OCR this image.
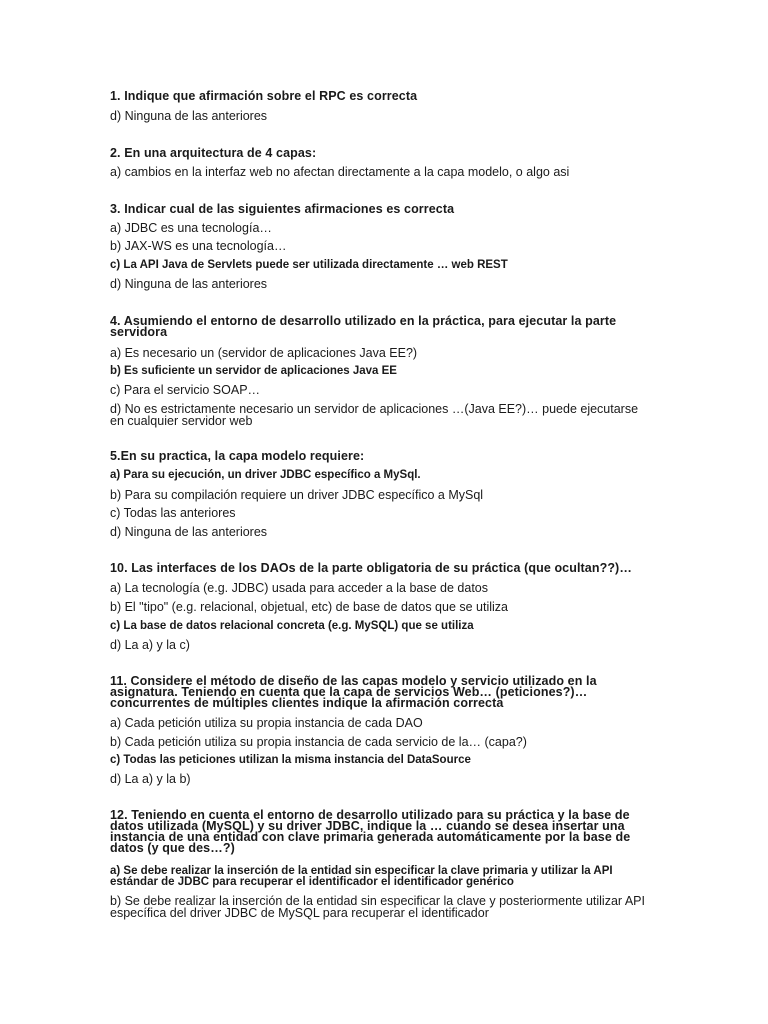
1. Indique que afirmación sobre el RPC es correcta
d) Ninguna de las anteriores
2. En una arquitectura de 4 capas:
a) cambios en la interfaz web no afectan directamente a la capa modelo, o algo asi
3. Indicar cual de las siguientes afirmaciones es correcta
a) JDBC es una tecnología…
b) JAX-WS es una tecnología…
c) La API Java de Servlets puede ser utilizada directamente … web REST
d) Ninguna de las anteriores
4. Asumiendo el entorno de desarrollo utilizado en la práctica, para ejecutar la parte servidora
a) Es necesario un (servidor de aplicaciones Java EE?)
b) Es suficiente un servidor de aplicaciones Java EE
c) Para el servicio SOAP…
d) No es estrictamente necesario un servidor de aplicaciones …(Java EE?)… puede ejecutarse en cualquier servidor web
5.En su practica, la capa modelo requiere:
a) Para su ejecución, un driver JDBC específico a MySql.
b) Para su compilación requiere un driver JDBC específico a MySql
c) Todas las anteriores
d) Ninguna de las anteriores
10. Las interfaces de los DAOs de la parte obligatoria de su práctica (que ocultan??)…
a) La tecnología (e.g. JDBC) usada para acceder a la base de datos
b) El "tipo" (e.g. relacional, objetual, etc) de base de datos que se utiliza
c) La base de datos relacional concreta (e.g. MySQL) que se utiliza
d) La a) y la c)
11. Considere el método de diseño de las capas modelo y servicio utilizado en la asignatura. Teniendo en cuenta que la capa de servicios Web… (peticiones?)… concurrentes de múltiples clientes indique la afirmación correcta
a) Cada petición utiliza su propia instancia de cada DAO
b) Cada petición utiliza su propia instancia de cada servicio de la… (capa?)
c) Todas las peticiones utilizan la misma instancia del DataSource
d) La a) y la b)
12. Teniendo en cuenta el entorno de desarrollo utilizado para su práctica y la base de datos utilizada (MySQL) y su driver JDBC, indique la … cuando se desea insertar una instancia de una entidad con clave primaria generada automáticamente por la base de datos (y que des…?)
a) Se debe realizar la inserción de la entidad sin especificar la clave primaria y utilizar la API estándar de JDBC para recuperar el identificador el identificador genérico
b) Se debe realizar la inserción de la entidad sin especificar la clave y posteriormente utilizar API específica del driver JDBC de MySQL para recuperar el identificador
